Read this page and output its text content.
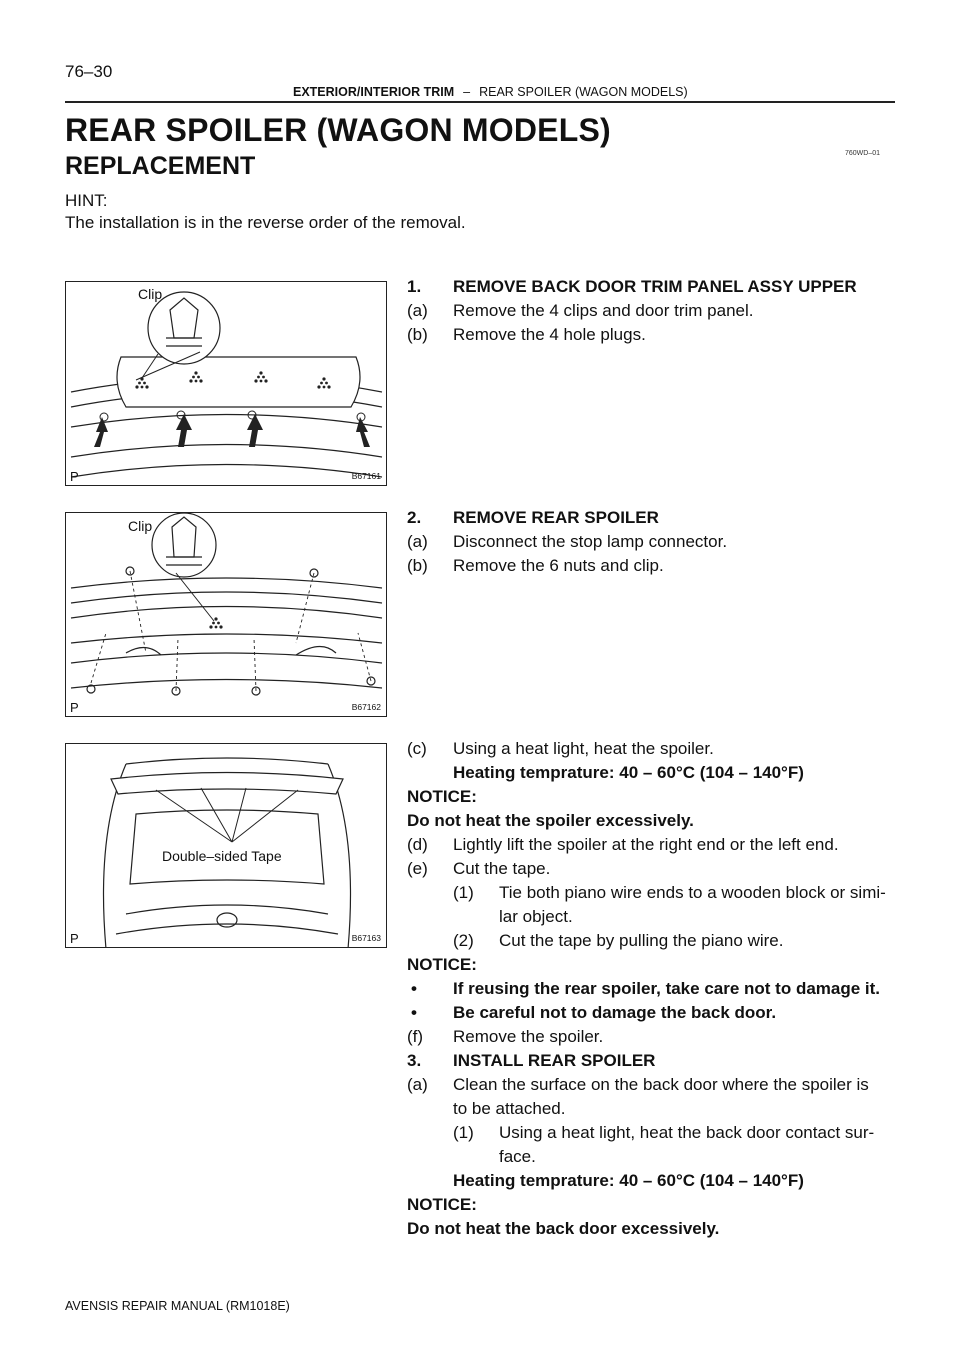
76–30
EXTERIOR/INTERIOR TRIM – REAR SPOILER (WAGON MODELS)
REAR SPOILER (WAGON MODELS)
760WD–01
REPLACEMENT
HINT:
The installation is in the reverse order of the removal.
Clip
P	B67161
Clip
P	B67162
Double–sided Tape
P	B67163
1. REMOVE BACK DOOR TRIM PANEL ASSY UPPER
(a) Remove the 4 clips and door trim panel.
(b) Remove the 4 hole plugs.
2. REMOVE REAR SPOILER
(a) Disconnect the stop lamp connector.
(b) Remove the 6 nuts and clip.
(c) Using a heat light, heat the spoiler.
Heating temprature: 40 – 60°C (104 – 140°F)
NOTICE:
Do not heat the spoiler excessively.
(d) Lightly lift the spoiler at the right end or the left end.
(e) Cut the tape.
(1) Tie both piano wire ends to a wooden block or simi-
lar object.
(2) Cut the tape by pulling the piano wire.
NOTICE:
• If reusing the rear spoiler, take care not to damage it.
• Be careful not to damage the back door.
(f) Remove the spoiler.
3. INSTALL REAR SPOILER
(a) Clean the surface on the back door where the spoiler is
to be attached.
(1) Using a heat light, heat the back door contact sur-
face.
Heating temprature: 40 – 60°C (104 – 140°F)
NOTICE:
Do not heat the back door excessively.
AVENSIS REPAIR MANUAL (RM1018E)
